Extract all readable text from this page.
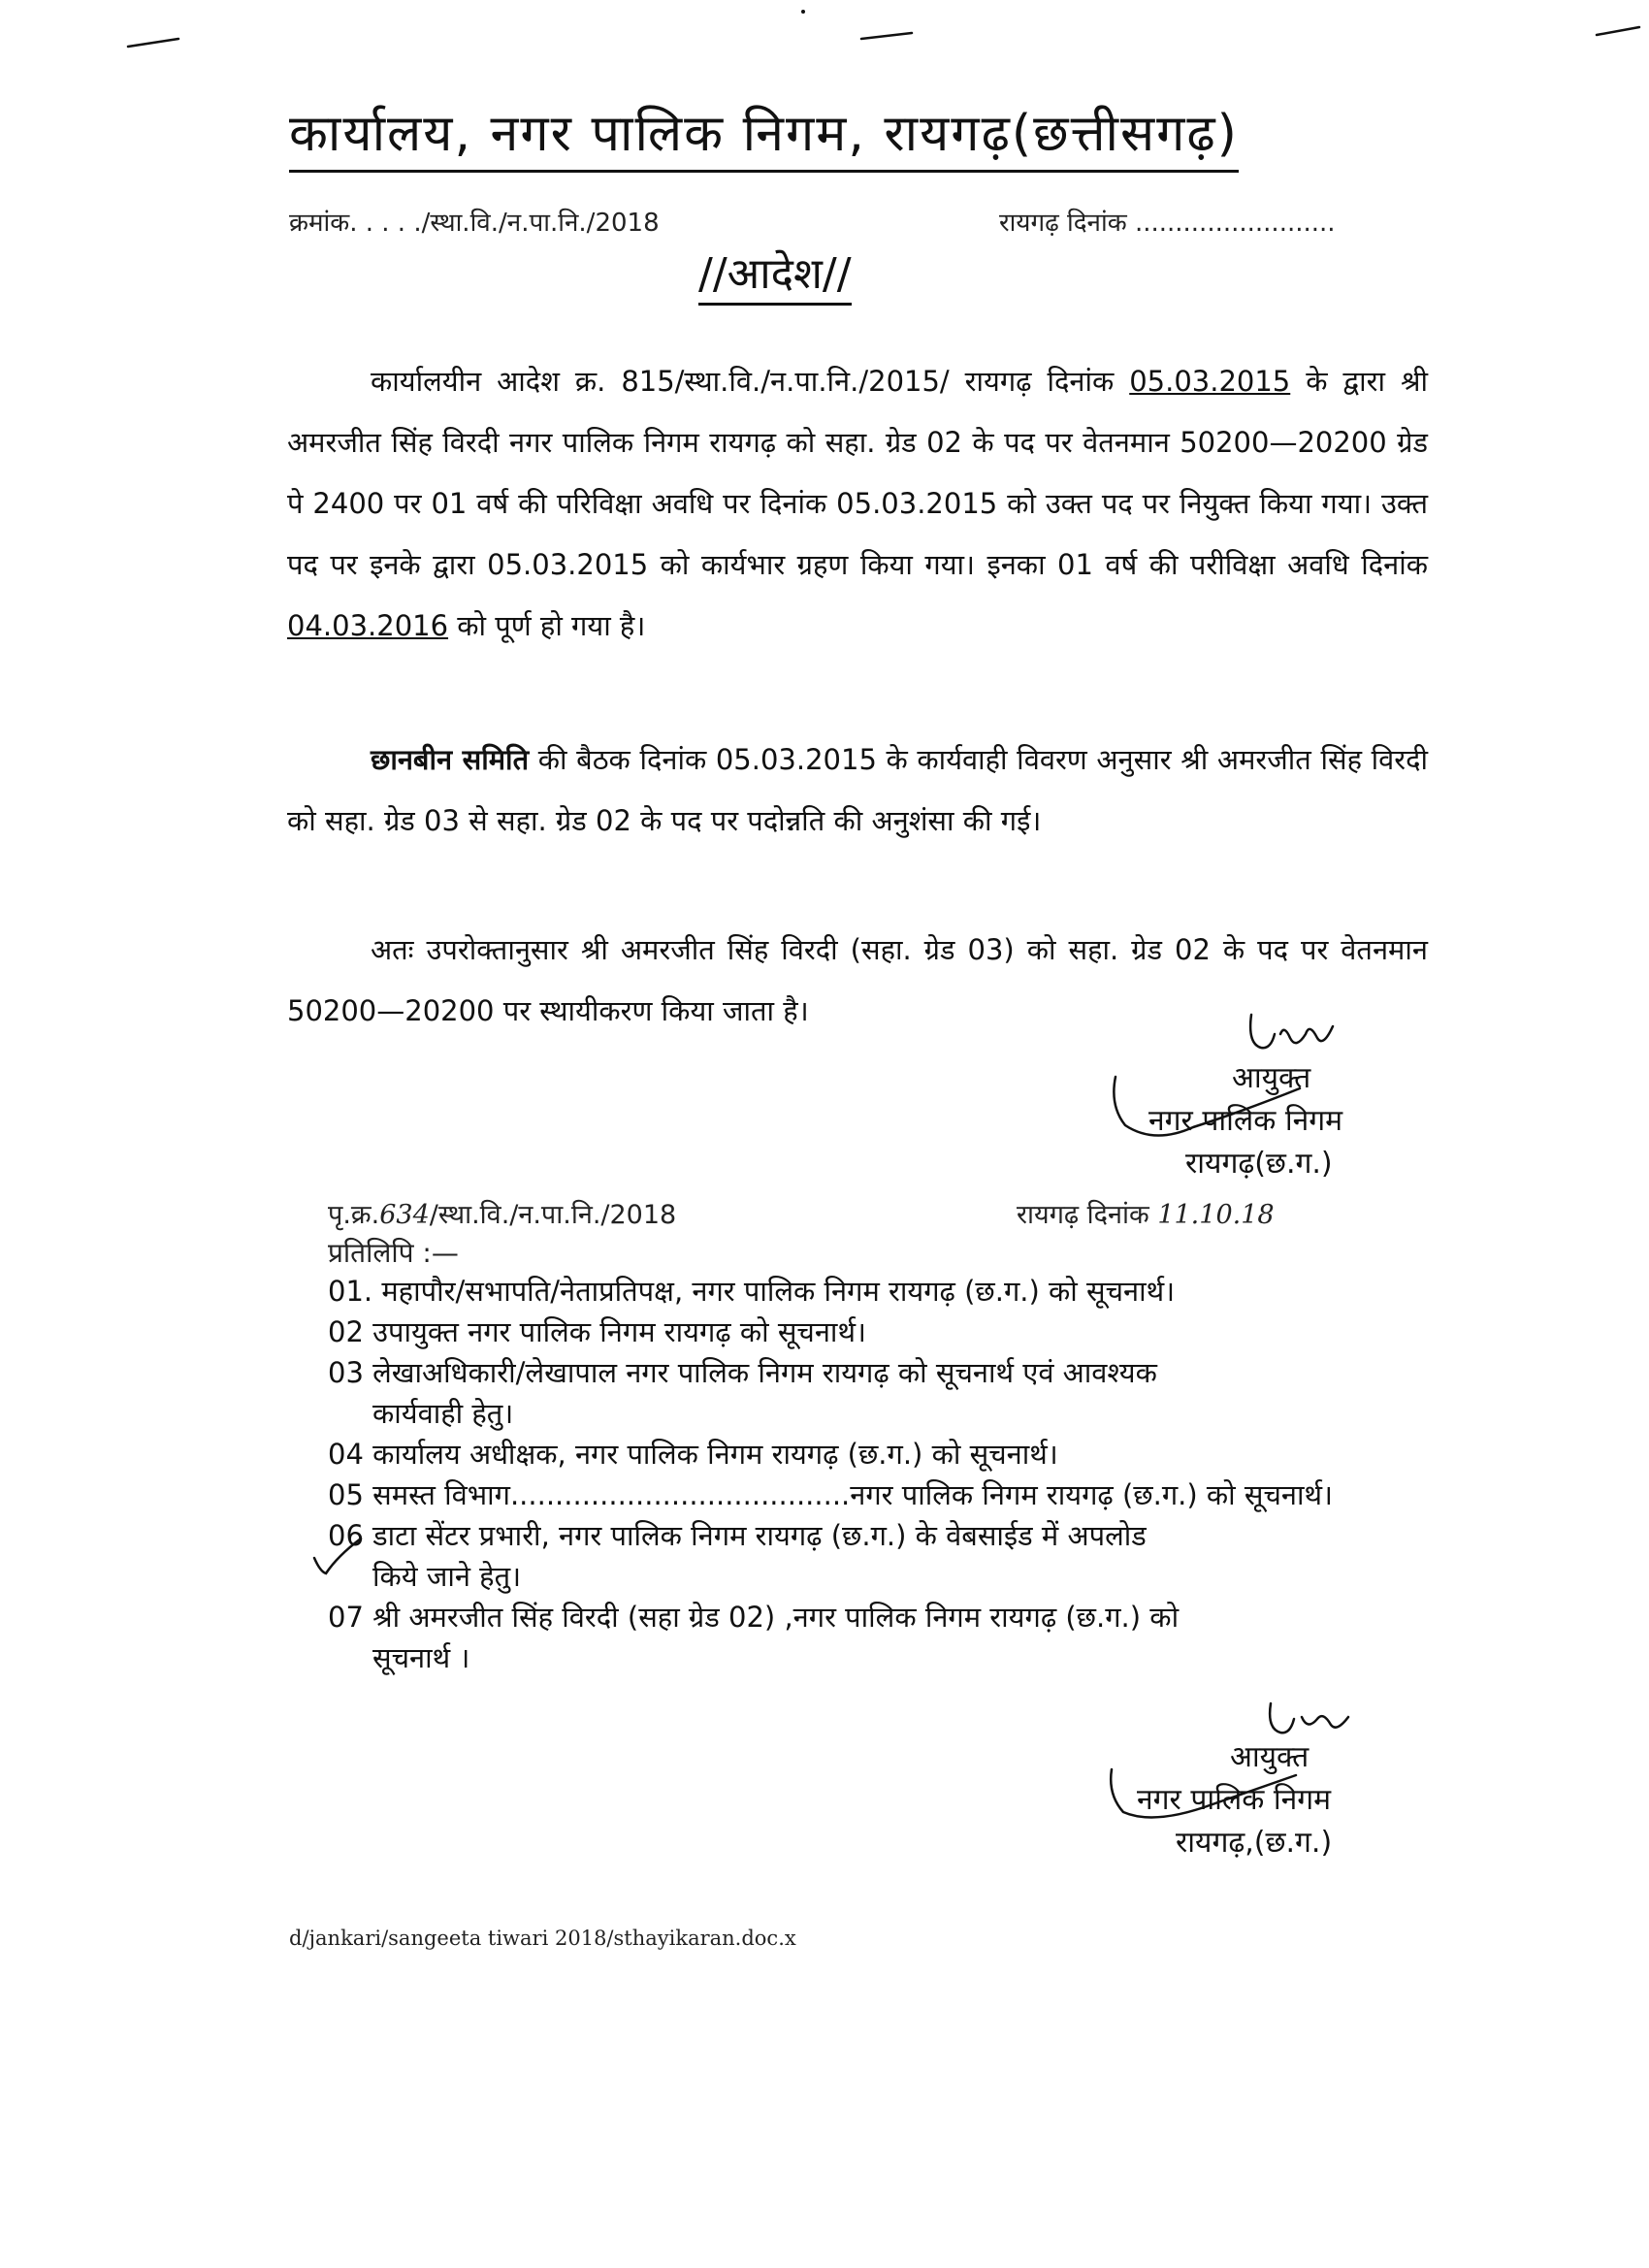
कार्यालय, नगर पालिक निगम, रायगढ़(छत्तीसगढ़)
क्रमांक. . . . ./स्था.वि./न.पा.नि./2018	रायगढ़ दिनांक .........................
//आदेश//
कार्यालयीन आदेश क्र. 815/स्था.वि./न.पा.नि./2015/ रायगढ़ दिनांक 05.03.2015 के द्वारा श्री अमरजीत सिंह विरदी नगर पालिक निगम रायगढ़ को सहा. ग्रेड 02 के पद पर वेतनमान 50200—20200 ग्रेड पे 2400 पर 01 वर्ष की परिविक्षा अवधि पर दिनांक 05.03.2015 को उक्त पद पर नियुक्त किया गया। उक्त पद पर इनके द्वारा 05.03.2015 को कार्यभार ग्रहण किया गया। इनका 01 वर्ष की परीविक्षा अवधि दिनांक 04.03.2016 को पूर्ण हो गया है।
छानबीन समिति की बैठक दिनांक 05.03.2015 के कार्यवाही विवरण अनुसार श्री अमरजीत सिंह विरदी को सहा. ग्रेड 03 से सहा. ग्रेड 02 के पद पर पदोन्नति की अनुशंसा की गई।
अतः उपरोक्तानुसार श्री अमरजीत सिंह विरदी (सहा. ग्रेड 03) को सहा. ग्रेड 02 के पद पर वेतनमान 50200—20200 पर स्थायीकरण किया जाता है।
आयुक्त
नगर पालिक निगम
रायगढ़(छ.ग.)
पृ.क्र.634/स्था.वि./न.पा.नि./2018	रायगढ़ दिनांक 11.10.18
प्रतिलिपि :—
01. महापौर/सभापति/नेताप्रतिपक्ष, नगर पालिक निगम रायगढ़ (छ.ग.) को सूचनार्थ।
02 उपायुक्त नगर पालिक निगम रायगढ़ को सूचनार्थ।
03 लेखाअधिकारी/लेखापाल नगर पालिक निगम रायगढ़ को सूचनार्थ एवं आवश्यक
कार्यवाही हेतु।
04 कार्यालय अधीक्षक, नगर पालिक निगम रायगढ़ (छ.ग.) को सूचनार्थ।
05 समस्त विभाग......................................नगर पालिक निगम रायगढ़ (छ.ग.) को सूचनार्थ।
06 डाटा सेंटर प्रभारी, नगर पालिक निगम रायगढ़ (छ.ग.) के वेबसाईड में अपलोड
किये जाने हेतु।
07 श्री अमरजीत सिंह विरदी (सहा ग्रेड 02) ,नगर पालिक निगम रायगढ़ (छ.ग.) को
सूचनार्थ ।
आयुक्त
नगर पालिक निगम
रायगढ़,(छ.ग.)
d/jankari/sangeeta tiwari 2018/sthayikaran.doc.x
